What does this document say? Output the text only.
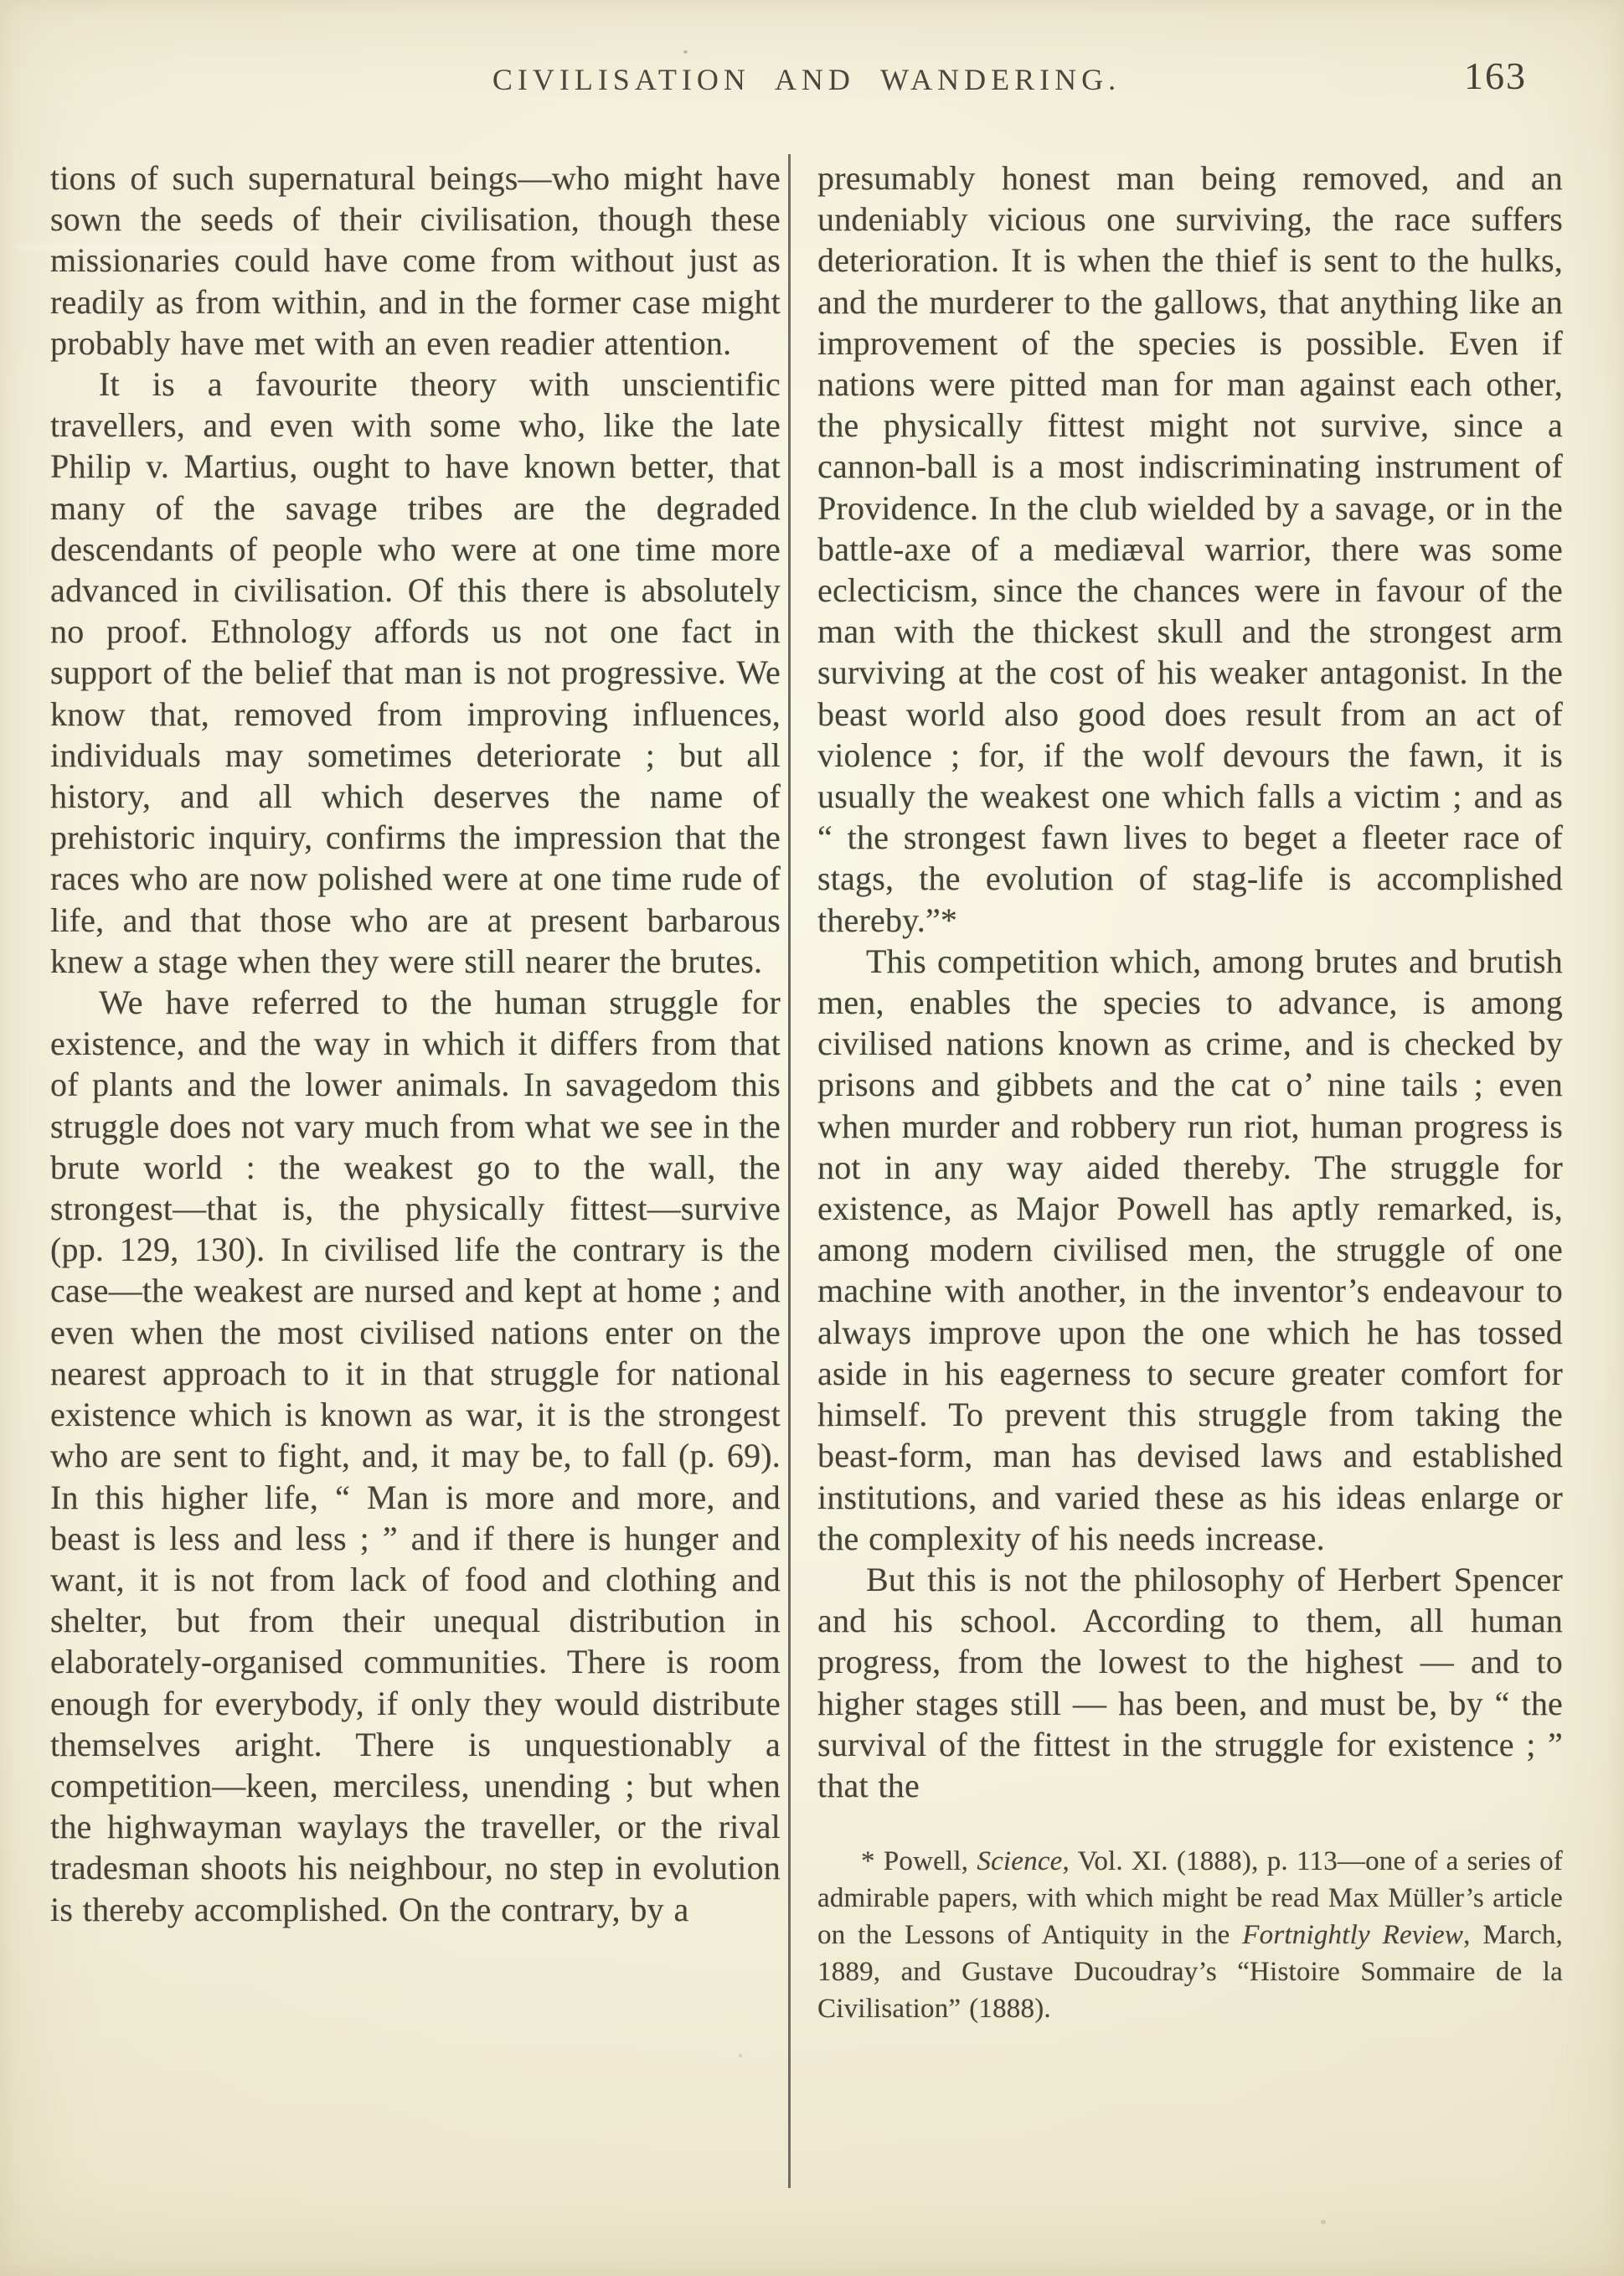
CIVILISATION AND WANDERING.	163

tions of such supernatural beings—who might have sown the seeds of their civilisation, though these missionaries could have come from without just as readily as from within, and in the former case might probably have met with an even readier attention.

It is a favourite theory with unscientific travellers, and even with some who, like the late Philip v. Martius, ought to have known better, that many of the savage tribes are the degraded descendants of people who were at one time more advanced in civilisation. Of this there is absolutely no proof. Ethnology affords us not one fact in support of the belief that man is not progressive. We know that, removed from improving influences, individuals may sometimes deteriorate ; but all history, and all which deserves the name of prehistoric inquiry, confirms the impression that the races who are now polished were at one time rude of life, and that those who are at present barbarous knew a stage when they were still nearer the brutes.

We have referred to the human struggle for existence, and the way in which it differs from that of plants and the lower animals. In savagedom this struggle does not vary much from what we see in the brute world : the weakest go to the wall, the strongest—that is, the physically fittest—survive (pp. 129, 130). In civilised life the contrary is the case—the weakest are nursed and kept at home ; and even when the most civilised nations enter on the nearest approach to it in that struggle for national existence which is known as war, it is the strongest who are sent to fight, and, it may be, to fall (p. 69). In this higher life, “ Man is more and more, and beast is less and less ; ” and if there is hunger and want, it is not from lack of food and clothing and shelter, but from their unequal distribution in elaborately-organised communities. There is room enough for everybody, if only they would distribute themselves aright. There is unquestionably a competition—keen, merciless, unending ; but when the highwayman waylays the traveller, or the rival tradesman shoots his neighbour, no step in evolution is thereby accomplished. On the contrary, by a

presumably honest man being removed, and an undeniably vicious one surviving, the race suffers deterioration. It is when the thief is sent to the hulks, and the murderer to the gallows, that anything like an improvement of the species is possible. Even if nations were pitted man for man against each other, the physically fittest might not survive, since a cannon-ball is a most indiscriminating instrument of Providence. In the club wielded by a savage, or in the battle-axe of a mediæval warrior, there was some eclecticism, since the chances were in favour of the man with the thickest skull and the strongest arm surviving at the cost of his weaker antagonist. In the beast world also good does result from an act of violence ; for, if the wolf devours the fawn, it is usually the weakest one which falls a victim ; and as “ the strongest fawn lives to beget a fleeter race of stags, the evolution of stag-life is accomplished thereby.”*

This competition which, among brutes and brutish men, enables the species to advance, is among civilised nations known as crime, and is checked by prisons and gibbets and the cat o’ nine tails ; even when murder and robbery run riot, human progress is not in any way aided thereby. The struggle for existence, as Major Powell has aptly remarked, is, among modern civilised men, the struggle of one machine with another, in the inventor’s endeavour to always improve upon the one which he has tossed aside in his eagerness to secure greater comfort for himself. To prevent this struggle from taking the beast-form, man has devised laws and established institutions, and varied these as his ideas enlarge or the complexity of his needs increase.

But this is not the philosophy of Herbert Spencer and his school. According to them, all human progress, from the lowest to the highest — and to higher stages still — has been, and must be, by “ the survival of the fittest in the struggle for existence ; ” that the

* Powell, Science, Vol. XI. (1888), p. 113—one of a series of admirable papers, with which might be read Max Müller’s article on the Lessons of Antiquity in the Fortnightly Review, March, 1889, and Gustave Ducoudray’s “Histoire Sommaire de la Civilisation” (1888).
